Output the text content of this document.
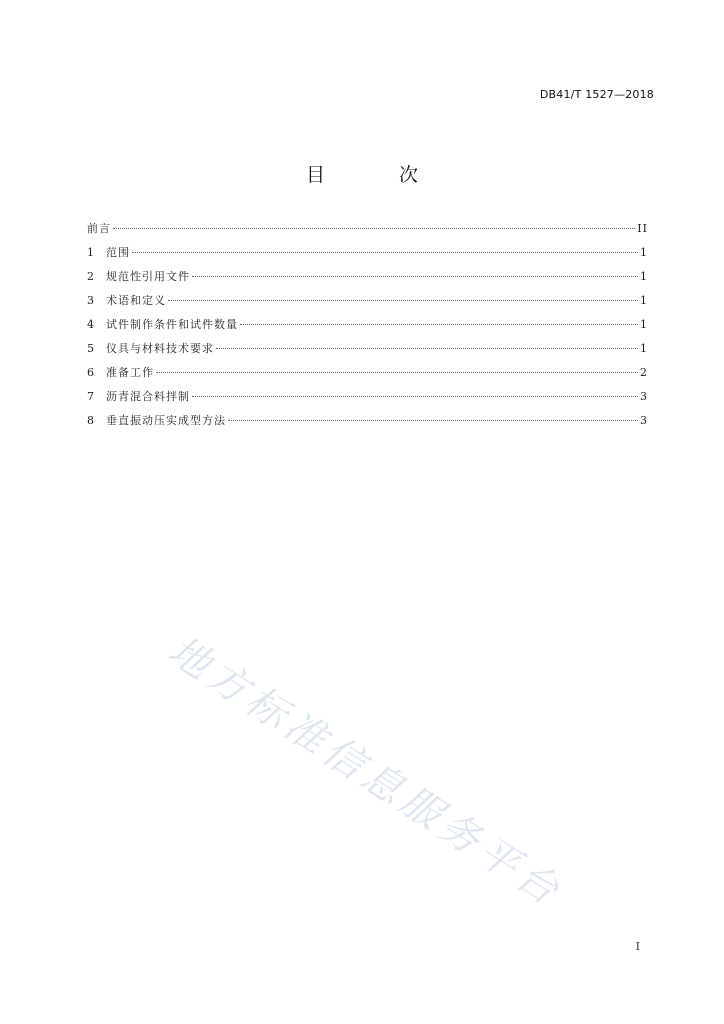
DB41/T 1527—2018
目 次
前言	II
1	范围	1
2	规范性引用文件	1
3	术语和定义	1
4	试件制作条件和试件数量	1
5	仪具与材料技术要求	1
6	准备工作	2
7	沥青混合料拌制	3
8	垂直振动压实成型方法	3
地方标准信息服务平台
I
